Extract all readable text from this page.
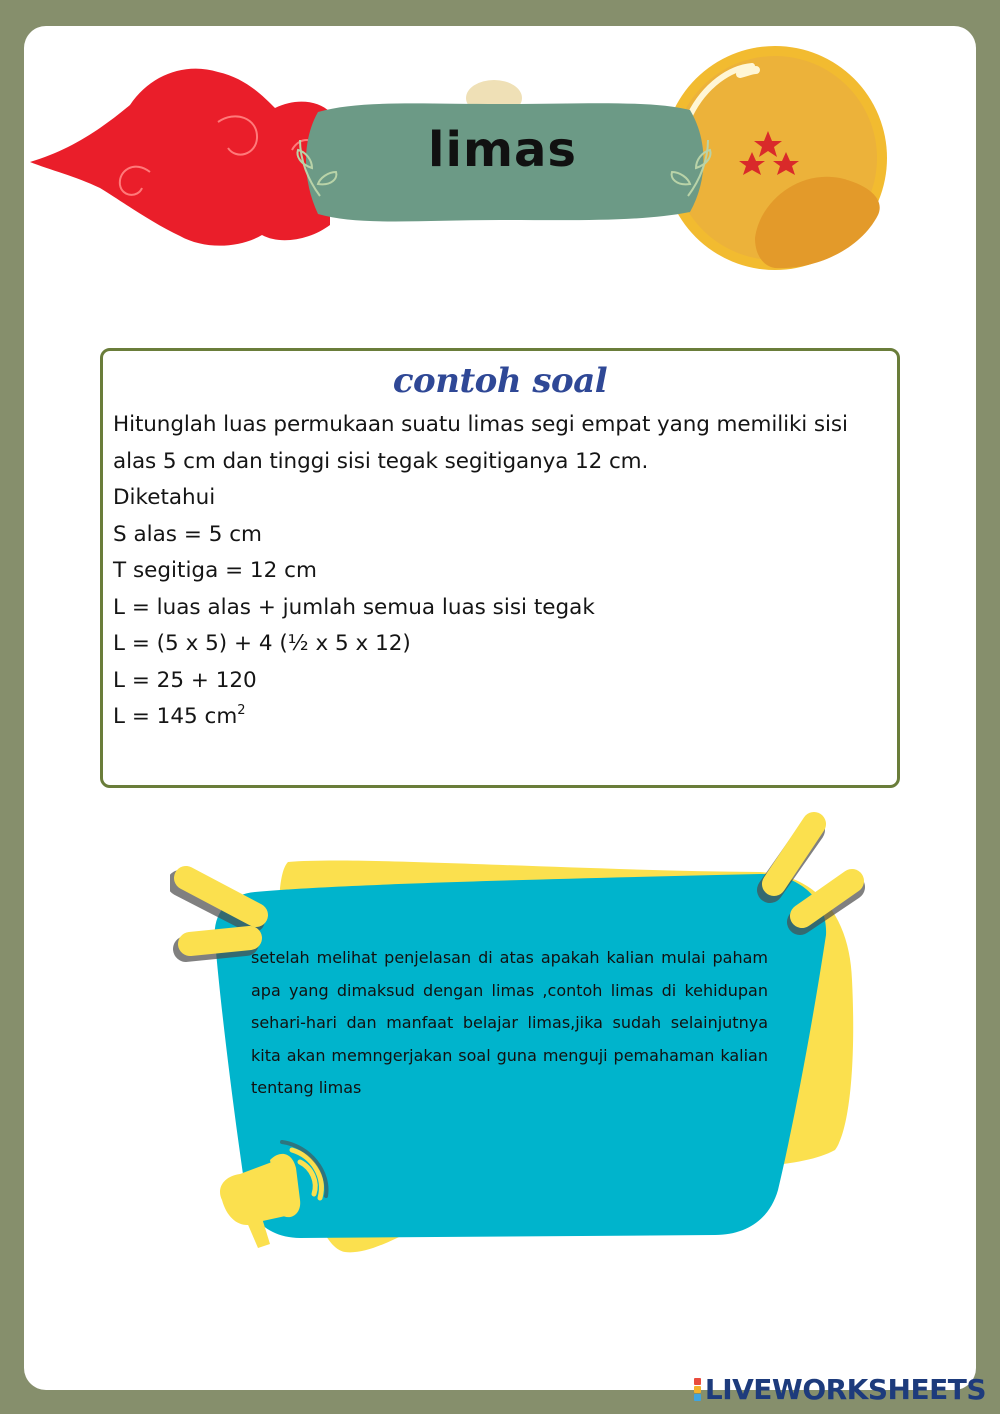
limas
contoh soal

Hitunglah luas permukaan suatu limas segi empat yang memiliki sisi alas 5 cm dan tinggi sisi tegak segitiganya 12 cm.

Diketahui

S alas = 5 cm

T segitiga = 12 cm

L = luas alas + jumlah semua luas sisi tegak

L = (5 x 5) + 4 (½ x 5 x 12)

L = 25 + 120

L = 145 $cm^2$

setelah melihat penjelasan di atas apakah kalian mulai paham apa yang dimaksud dengan limas ,contoh limas di kehidupan sehari-hari dan manfaat belajar limas,jika sudah selainjutnya kita akan memngerjakan soal guna menguji pemahaman kalian tentang limas
LIVEWORKSHEETS
